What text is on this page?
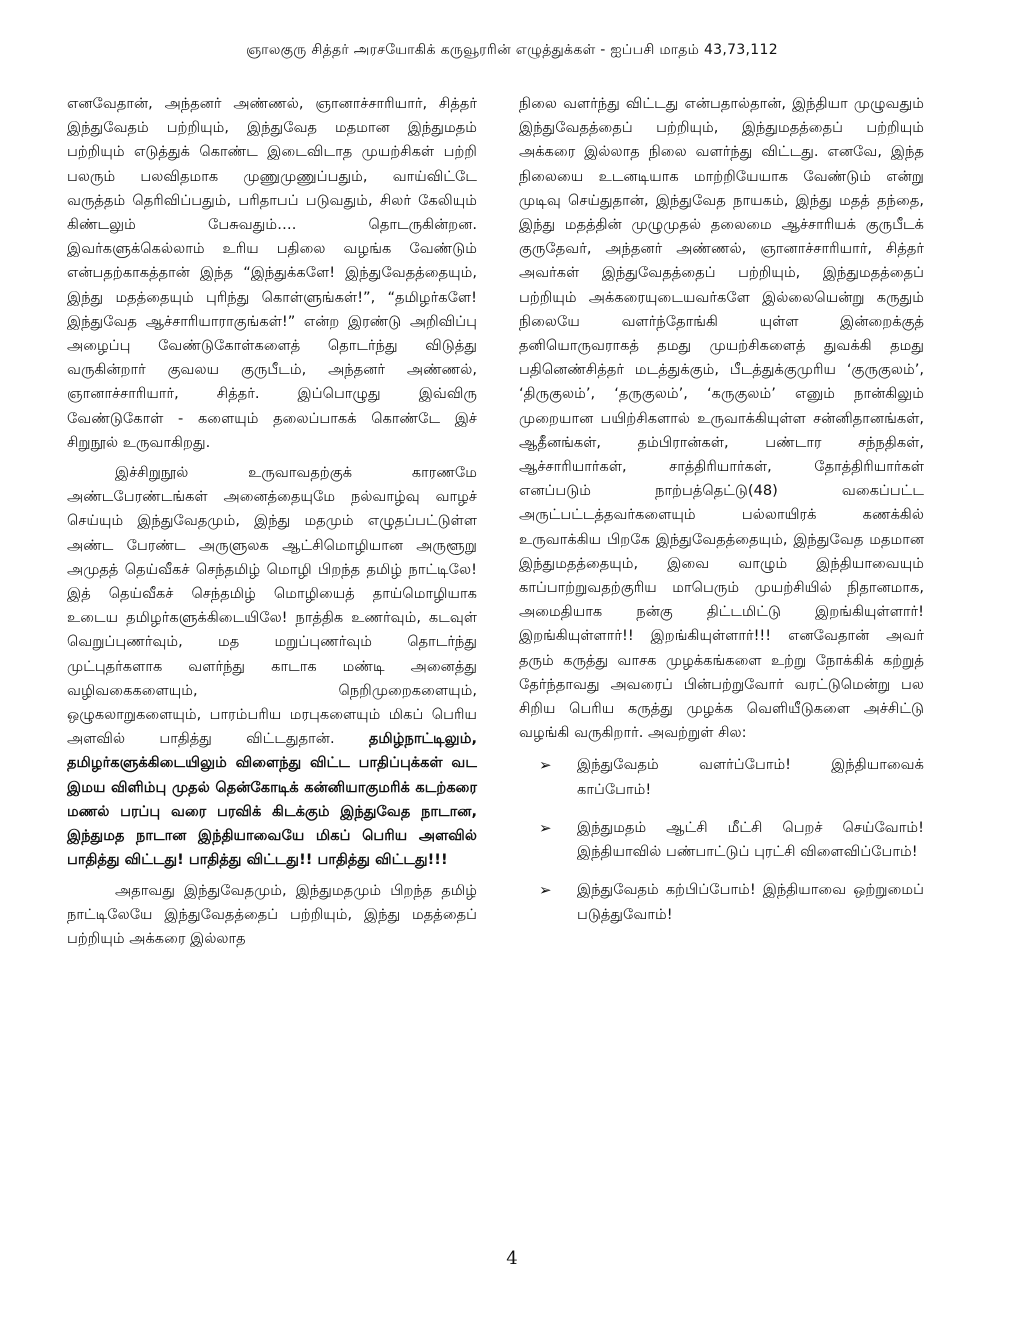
ஞாலகுரு சித்தர் அரசயோகிக் கருவூரரின் எழுத்துக்கள் - ஐப்பசி மாதம் 43,73,112

எனவேதான், அந்தனர் அண்ணல், ஞானாச்சாரியார், சித்தர் இந்துவேதம் பற்றியும், இந்துவேத மதமான இந்துமதம் பற்றியும் எடுத்துக் கொண்ட இடைவிடாத முயற்சிகள் பற்றி பலரும் பலவிதமாக முணுமுணுப்பதும், வாய்விட்டே வருத்தம் தெரிவிப்பதும், பரிதாபப் படுவதும், சிலர் கேலியும் கிண்டலும் பேசுவதும்…. தொடருகின்றன. இவர்களுக்கெல்லாம் உரிய பதிலை வழங்க வேண்டும் என்பதற்காகத்தான் இந்த “இந்துக்களே! இந்துவேதத்தையும், இந்து மதத்தையும் புரிந்து கொள்ளுங்கள்!”, “தமிழர்களே! இந்துவேத ஆச்சாரியாராகுங்கள்!” என்ற இரண்டு அறிவிப்பு அழைப்பு வேண்டுகோள்களைத் தொடர்ந்து விடுத்து வருகின்றார் குவலய குருபீடம், அந்தனர் அண்ணல், ஞானாச்சாரியார், சித்தர். இப்பொழுது இவ்விரு வேண்டுகோள் - களையும் தலைப்பாகக் கொண்டே இச் சிறுநூல் உருவாகிறது.

இச்சிறுநூல் உருவாவதற்குக் காரணமே அண்டபேரண்டங்கள் அனைத்தையுமே நல்வாழ்வு வாழச் செய்யும் இந்துவேதமும், இந்து மதமும் எழுதப்பட்டுள்ள அண்ட பேரண்ட அருளுலக ஆட்சிமொழியான அருளூறு அமுதத் தெய்வீகச் செந்தமிழ் மொழி பிறந்த தமிழ் நாட்டிலே! இத் தெய்வீகச் செந்தமிழ் மொழியைத் தாய்மொழியாக உடைய தமிழர்களுக்கிடையிலே! நாத்திக உணர்வும், கடவுள் வெறுப்புணர்வும், மத மறுப்புணர்வும் தொடர்ந்து முட்புதர்களாக வளர்ந்து காடாக மண்டி அனைத்து வழிவகைகளையும், நெறிமுறைகளையும், ஒழுகலாறுகளையும், பாரம்பரிய மரபுகளையும் மிகப் பெரிய அளவில் பாதித்து விட்டதுதான். தமிழ்நாட்டிலும், தமிழர்களுக்கிடையிலும் விளைந்து விட்ட பாதிப்புக்கள் வட இமய விளிம்பு முதல் தென்கோடிக் கன்னியாகுமரிக் கடற்கரை மணல் பரப்பு வரை பரவிக் கிடக்கும் இந்துவேத நாடான, இந்துமத நாடான இந்தியாவையே மிகப் பெரிய அளவில் பாதித்து விட்டது! பாதித்து விட்டது!! பாதித்து விட்டது!!!

அதாவது இந்துவேதமும், இந்துமதமும் பிறந்த தமிழ் நாட்டிலேயே இந்துவேதத்தைப் பற்றியும், இந்து மதத்தைப் பற்றியும் அக்கரை இல்லாத

நிலை வளர்ந்து விட்டது என்பதால்தான், இந்தியா முழுவதும் இந்துவேதத்தைப் பற்றியும், இந்துமதத்தைப் பற்றியும் அக்கரை இல்லாத நிலை வளர்ந்து விட்டது. எனவே, இந்த நிலையை உடனடியாக மாற்றியேயாக வேண்டும் என்று முடிவு செய்துதான், இந்துவேத நாயகம், இந்து மதத் தந்தை, இந்து மதத்தின் முழுமுதல் தலைமை ஆச்சாரியக் குருபீடக் குருதேவர், அந்தனர் அண்ணல், ஞானாச்சாரியார், சித்தர் அவர்கள் இந்துவேதத்தைப் பற்றியும், இந்துமதத்தைப் பற்றியும் அக்கரையுடையவர்களே இல்லையென்று கருதும் நிலையே வளர்ந்தோங்கி யுள்ள இன்றைக்குத் தனியொருவராகத் தமது முயற்சிகளைத் துவக்கி தமது பதினெண்சித்தர் மடத்துக்கும், பீடத்துக்குமுரிய ‘குருகுலம்’, ‘திருகுலம்’, ‘தருகுலம்’, ‘கருகுலம்’ எனும் நான்கிலும் முறையான பயிற்சிகளால் உருவாக்கியுள்ள சன்னிதானங்கள், ஆதீனங்கள், தம்பிரான்கள், பண்டார சந்நதிகள், ஆச்சாரியார்கள், சாத்திரியார்கள், தோத்திரியார்கள் எனப்படும் நாற்பத்தெட்டு(48) வகைப்பட்ட அருட்பட்டத்தவர்களையும் பல்லாயிரக் கணக்கில் உருவாக்கிய பிறகே இந்துவேதத்தையும், இந்துவேத மதமான இந்துமதத்தையும், இவை வாழும் இந்தியாவையும் காப்பாற்றுவதற்குரிய மாபெரும் முயற்சியில் நிதானமாக, அமைதியாக நன்கு திட்டமிட்டு இறங்கியுள்ளார்! இறங்கியுள்ளார்!! இறங்கியுள்ளார்!!! எனவேதான் அவர் தரும் கருத்து வாசக முழக்கங்களை உற்று நோக்கிக் கற்றுத் தேர்ந்தாவது அவரைப் பின்பற்றுவோர் வரட்டுமென்று பல சிறிய பெரிய கருத்து முழக்க வெளியீடுகளை அச்சிட்டு வழங்கி வருகிறார். அவற்றுள் சில:

➢ இந்துவேதம் வளர்ப்போம்! இந்தியாவைக் காப்போம்!
➢ இந்துமதம் ஆட்சி மீட்சி பெறச் செய்வோம்! இந்தியாவில் பண்பாட்டுப் புரட்சி விளைவிப்போம்!
➢ இந்துவேதம் கற்பிப்போம்! இந்தியாவை ஒற்றுமைப் படுத்துவோம்!
4
